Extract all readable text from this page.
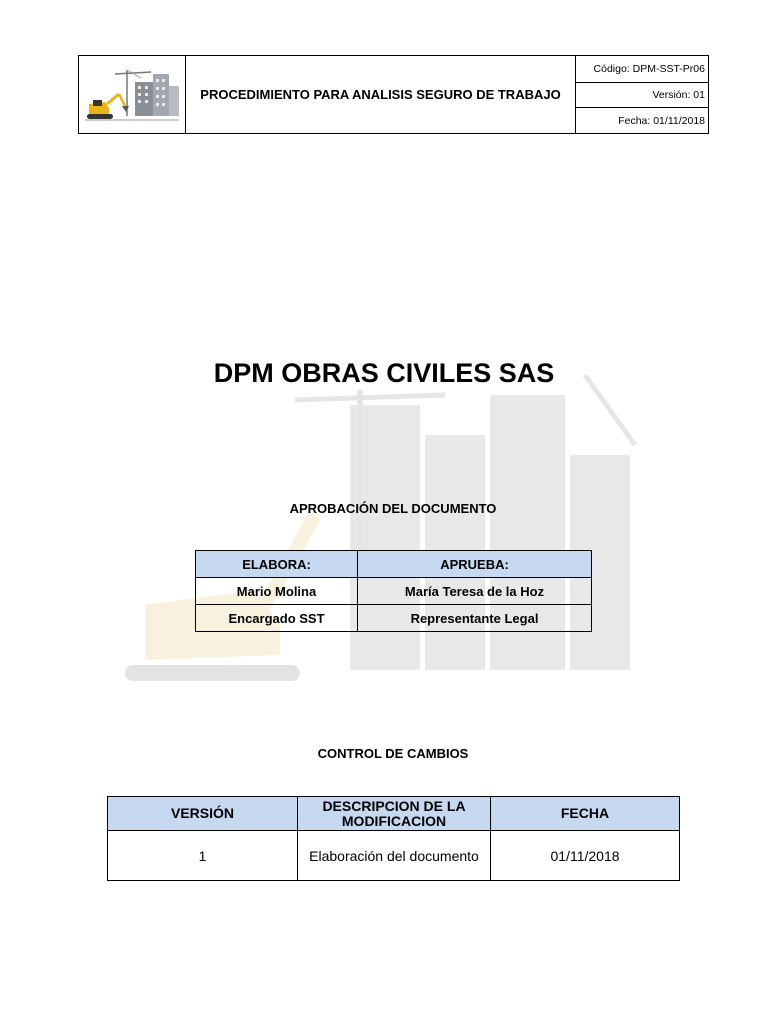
PROCEDIMIENTO PARA ANALISIS SEGURO DE TRABAJO
Código: DPM-SST-Pr06
Versión: 01
Fecha: 01/11/2018
DPM OBRAS CIVILES SAS
APROBACIÓN DEL DOCUMENTO
ELABORA:	APRUEBA:
Mario Molina	María Teresa de la Hoz
Encargado SST	Representante Legal
CONTROL DE CAMBIOS
VERSIÓN	DESCRIPCION DE LA MODIFICACION	FECHA
1	Elaboración del documento	01/11/2018
